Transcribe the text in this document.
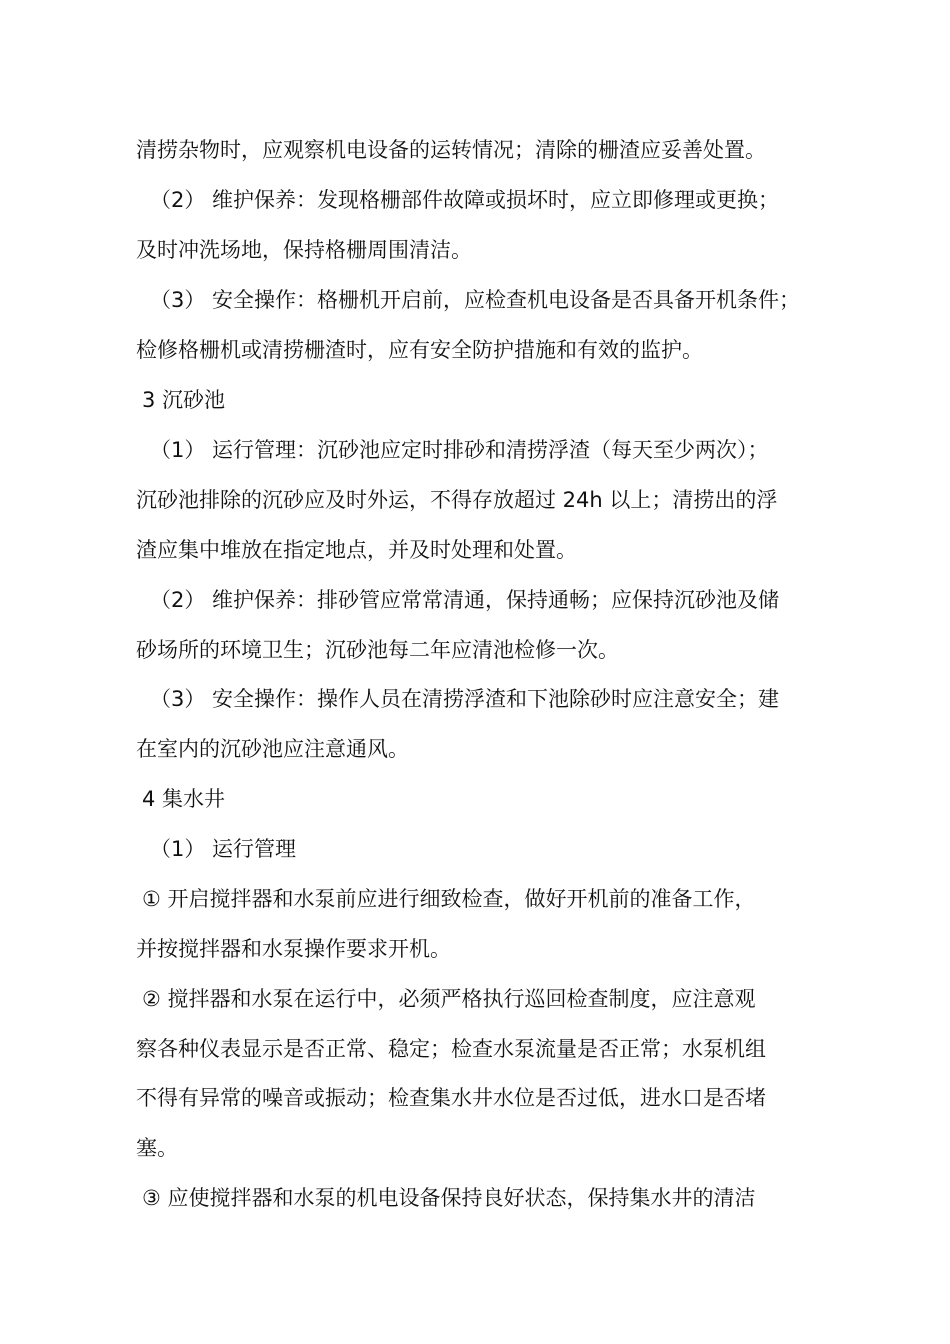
清捞杂物时，应观察机电设备的运转情况；清除的栅渣应妥善处置。
（2） 维护保养：发现格栅部件故障或损坏时，应立即修理或更换；
及时冲洗场地，保持格栅周围清洁。
（3） 安全操作：格栅机开启前，应检查机电设备是否具备开机条件；
检修格栅机或清捞栅渣时，应有安全防护措施和有效的监护。
3 沉砂池
（1） 运行管理：沉砂池应定时排砂和清捞浮渣（每天至少两次）；
沉砂池排除的沉砂应及时外运，不得存放超过 24h 以上；清捞出的浮
渣应集中堆放在指定地点，并及时处理和处置。
（2） 维护保养：排砂管应常常清通，保持通畅；应保持沉砂池及储
砂场所的环境卫生；沉砂池每二年应清池检修一次。
（3） 安全操作：操作人员在清捞浮渣和下池除砂时应注意安全；建
在室内的沉砂池应注意通风。
4 集水井
（1） 运行管理
① 开启搅拌器和水泵前应进行细致检查，做好开机前的准备工作，
并按搅拌器和水泵操作要求开机。
② 搅拌器和水泵在运行中，必须严格执行巡回检查制度，应注意观
察各种仪表显示是否正常、稳定；检查水泵流量是否正常；水泵机组
不得有异常的噪音或振动；检查集水井水位是否过低，进水口是否堵
塞。
③ 应使搅拌器和水泵的机电设备保持良好状态，保持集水井的清洁
